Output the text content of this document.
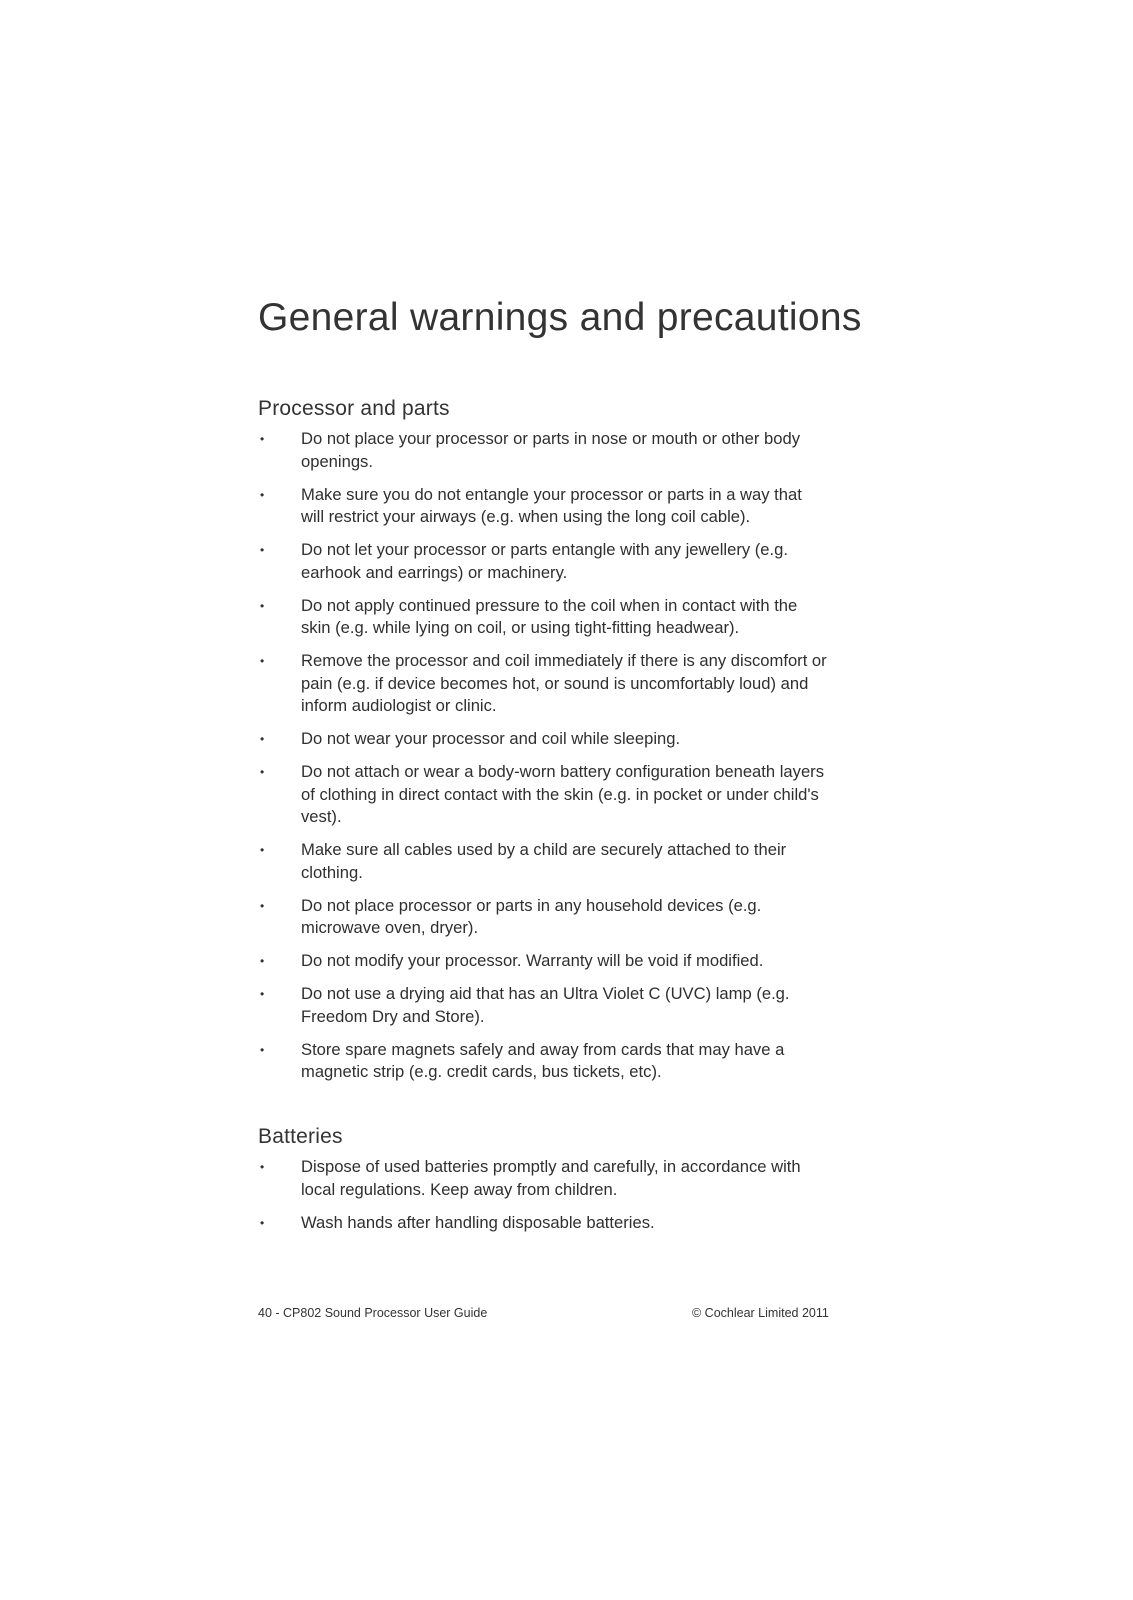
General warnings and precautions
Processor and parts
• Do not place your processor or parts in nose or mouth or other body openings.
• Make sure you do not entangle your processor or parts in a way that will restrict your airways (e.g. when using the long coil cable).
• Do not let your processor or parts entangle with any jewellery (e.g. earhook and earrings) or machinery.
• Do not apply continued pressure to the coil when in contact with the skin (e.g. while lying on coil, or using tight-fitting headwear).
• Remove the processor and coil immediately if there is any discomfort or pain (e.g. if device becomes hot, or sound is uncomfortably loud) and inform audiologist or clinic.
• Do not wear your processor and coil while sleeping.
• Do not attach or wear a body-worn battery configuration beneath layers of clothing in direct contact with the skin (e.g. in pocket or under child's vest).
• Make sure all cables used by a child are securely attached to their clothing.
• Do not place processor or parts in any household devices (e.g. microwave oven, dryer).
• Do not modify your processor. Warranty will be void if modified.
• Do not use a drying aid that has an Ultra Violet C (UVC) lamp (e.g. Freedom Dry and Store).
• Store spare magnets safely and away from cards that may have a magnetic strip (e.g. credit cards, bus tickets, etc).
Batteries
• Dispose of used batteries promptly and carefully, in accordance with local regulations. Keep away from children.
• Wash hands after handling disposable batteries.
40 - CP802 Sound Processor User Guide	© Cochlear Limited 2011
